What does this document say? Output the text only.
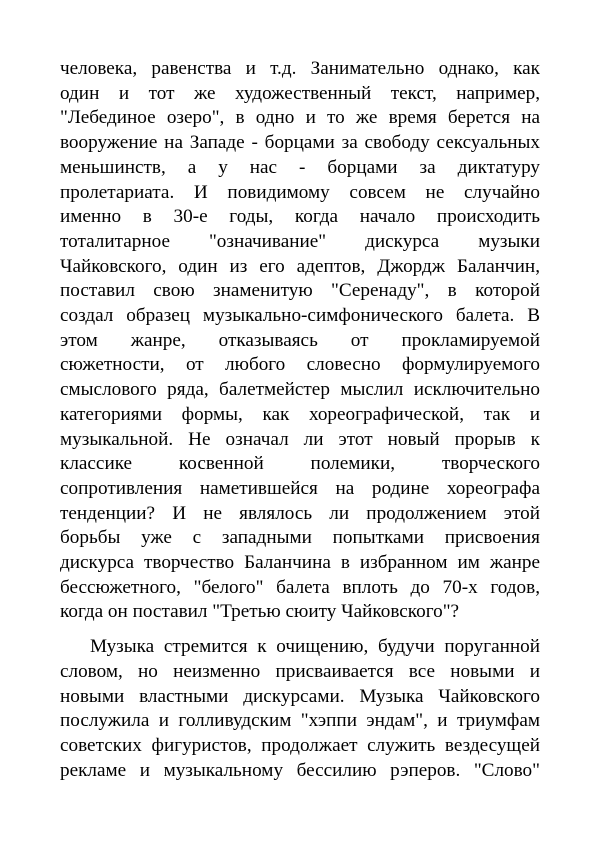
человека, равенства и т.д. Занимательно однако, как
один и тот же художественный текст, например,
"Лебединое озеро", в одно и то же время берется на
вооружение на Западе - борцами за свободу сексуальных
меньшинств, а у нас - борцами за диктатуру
пролетариата. И повидимому совсем не случайно
именно в 30-е годы, когда начало происходить
тоталитарное "означивание" дискурса музыки
Чайковского, один из его адептов, Джордж Баланчин,
поставил свою знаменитую "Серенаду", в которой
создал образец музыкально-симфонического балета. В
этом жанре, отказываясь от прокламируемой
сюжетности, от любого словесно формулируемого
смыслового ряда, балетмейстер мыслил исключительно
категориями формы, как хореографической, так и
музыкальной. Не означал ли этот новый прорыв к
классике косвенной полемики, творческого
сопротивления наметившейся на родине хореографа
тенденции? И не являлось ли продолжением этой
борьбы уже с западными попытками присвоения
дискурса творчество Баланчина в избранном им жанре
бессюжетного, "белого" балета вплоть до 70-х годов,
когда он поставил "Третью сюиту Чайковского"?

Музыка стремится к очищению, будучи поруганной
словом, но неизменно присваивается все новыми и
новыми властными дискурсами. Музыка Чайковского
послужила и голливудским "хэппи эндам", и триумфам
советских фигуристов, продолжает служить вездесущей
рекламе и музыкальному бессилию рэперов. "Слово"
